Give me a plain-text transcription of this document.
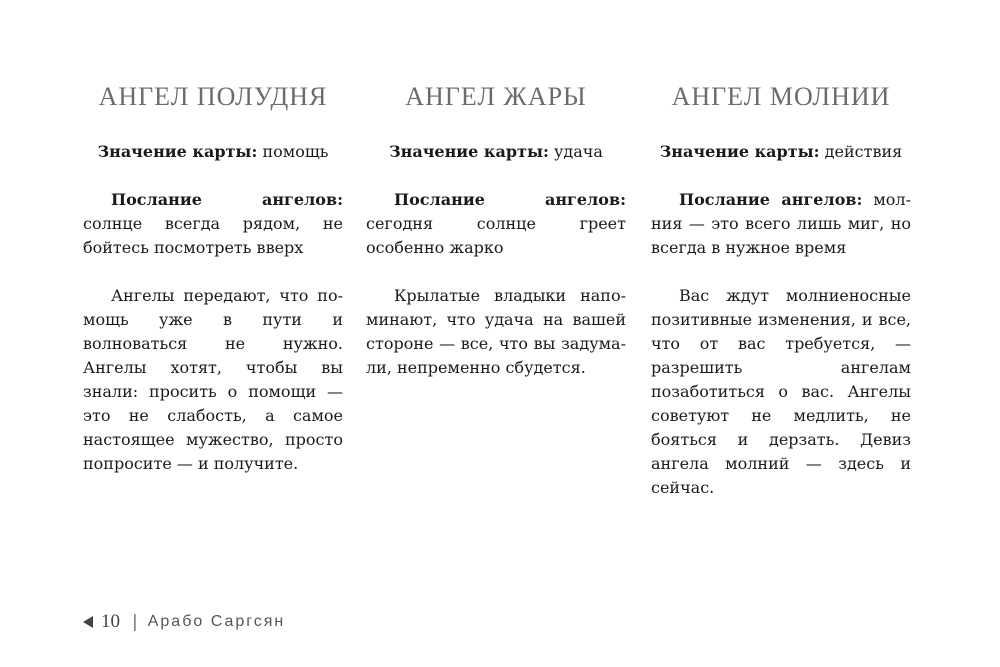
АНГЕЛ ПОЛУДНЯ

Значение карты: помощь

Послание ангелов: солнце всегда рядом, не бойтесь посмотреть вверх

Ангелы передают, что помощь уже в пути и волноваться не нужно. Ангелы хотят, чтобы вы знали: просить о помощи — это не слабость, а самое настоящее мужество, просто попросите — и получите.

АНГЕЛ ЖАРЫ

Значение карты: удача

Послание ангелов: сегодня солнце греет особенно жарко

Крылатые владыки напоминают, что удача на вашей стороне — все, что вы задумали, непременно сбудется.

АНГЕЛ МОЛНИИ

Значение карты: действия

Послание ангелов: молния — это всего лишь миг, но всегда в нужное время

Вас ждут молниеносные позитивные изменения, и все, что от вас требуется, — разрешить ангелам позаботиться о вас. Ангелы советуют не медлить, не бояться и дерзать. Девиз ангела молний — здесь и сейчас.

10 | Арабо Саргсян
